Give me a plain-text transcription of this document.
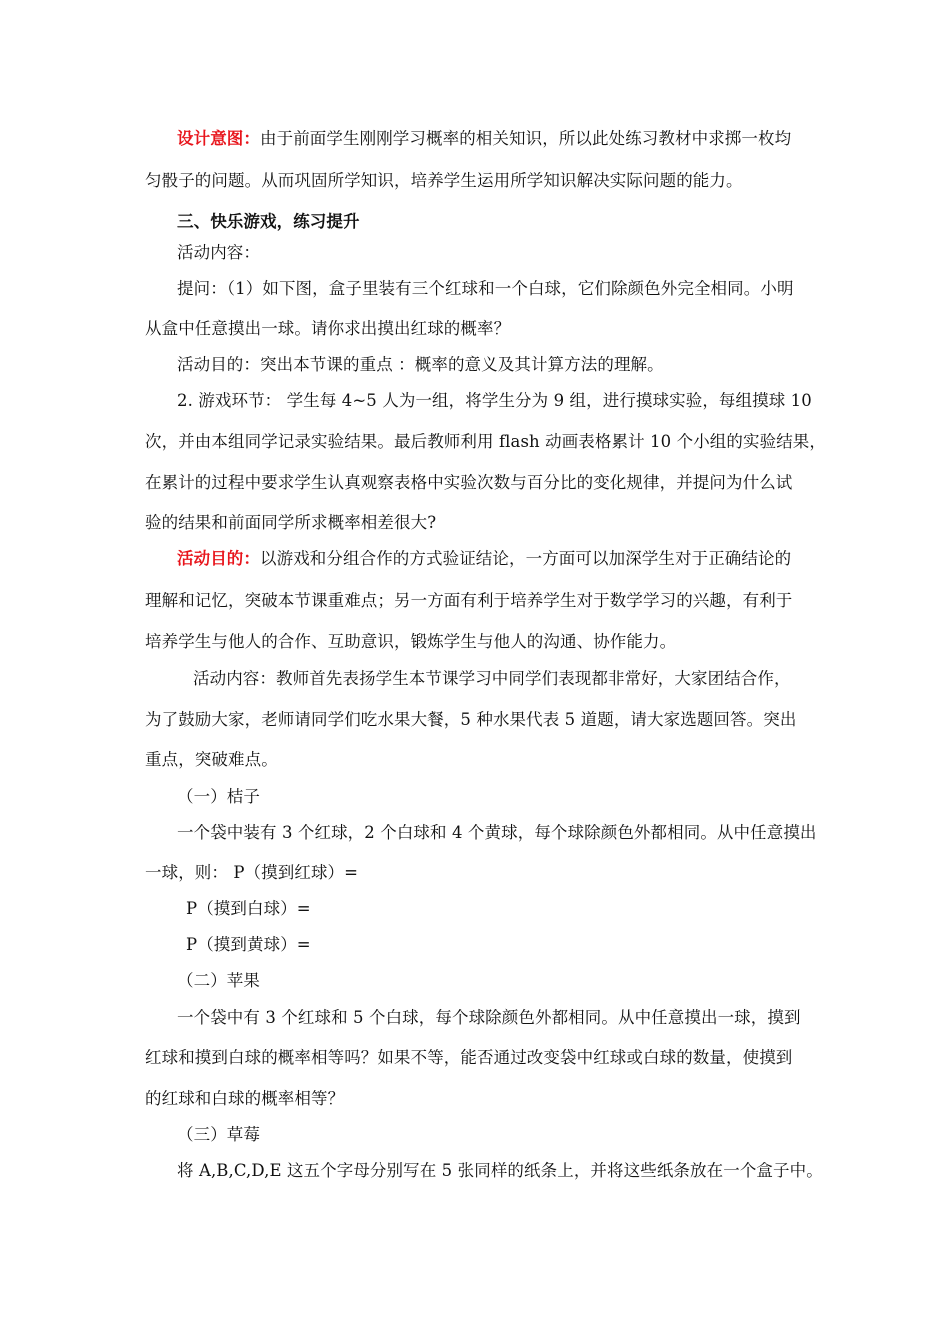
设计意图：由于前面学生刚刚学习概率的相关知识，所以此处练习教材中求掷一枚均
匀骰子的问题。从而巩固所学知识，培养学生运用所学知识解决实际问题的能力。
三、快乐游戏，练习提升
活动内容：
提问：（1）如下图，盒子里装有三个红球和一个白球，它们除颜色外完全相同。小明
从盒中任意摸出一球。请你求出摸出红球的概率？
活动目的：突出本节课的重点 ：概率的意义及其计算方法的理解。
2. 游戏环节： 学生每 4~5 人为一组，将学生分为 9 组，进行摸球实验，每组摸球 10
次，并由本组同学记录实验结果。最后教师利用 flash 动画表格累计 10 个小组的实验结果，
在累计的过程中要求学生认真观察表格中实验次数与百分比的变化规律，并提问为什么试
验的结果和前面同学所求概率相差很大?
活动目的：以游戏和分组合作的方式验证结论，一方面可以加深学生对于正确结论的
理解和记忆，突破本节课重难点；另一方面有利于培养学生对于数学学习的兴趣，有利于
培养学生与他人的合作、互助意识，锻炼学生与他人的沟通、协作能力。
活动内容：教师首先表扬学生本节课学习中同学们表现都非常好，大家团结合作，
为了鼓励大家，老师请同学们吃水果大餐，5 种水果代表 5 道题，请大家选题回答。突出
重点，突破难点。
（一）桔子
一个袋中装有 3 个红球，2 个白球和 4 个黄球，每个球除颜色外都相同。从中任意摸出
一球，则： P（摸到红球）=
P（摸到白球）=
P（摸到黄球）=
（二）苹果
一个袋中有 3 个红球和 5 个白球，每个球除颜色外都相同。从中任意摸出一球，摸到
红球和摸到白球的概率相等吗？如果不等，能否通过改变袋中红球或白球的数量，使摸到
的红球和白球的概率相等？
（三）草莓
将 A,B,C,D,E 这五个字母分别写在 5 张同样的纸条上，并将这些纸条放在一个盒子中。
